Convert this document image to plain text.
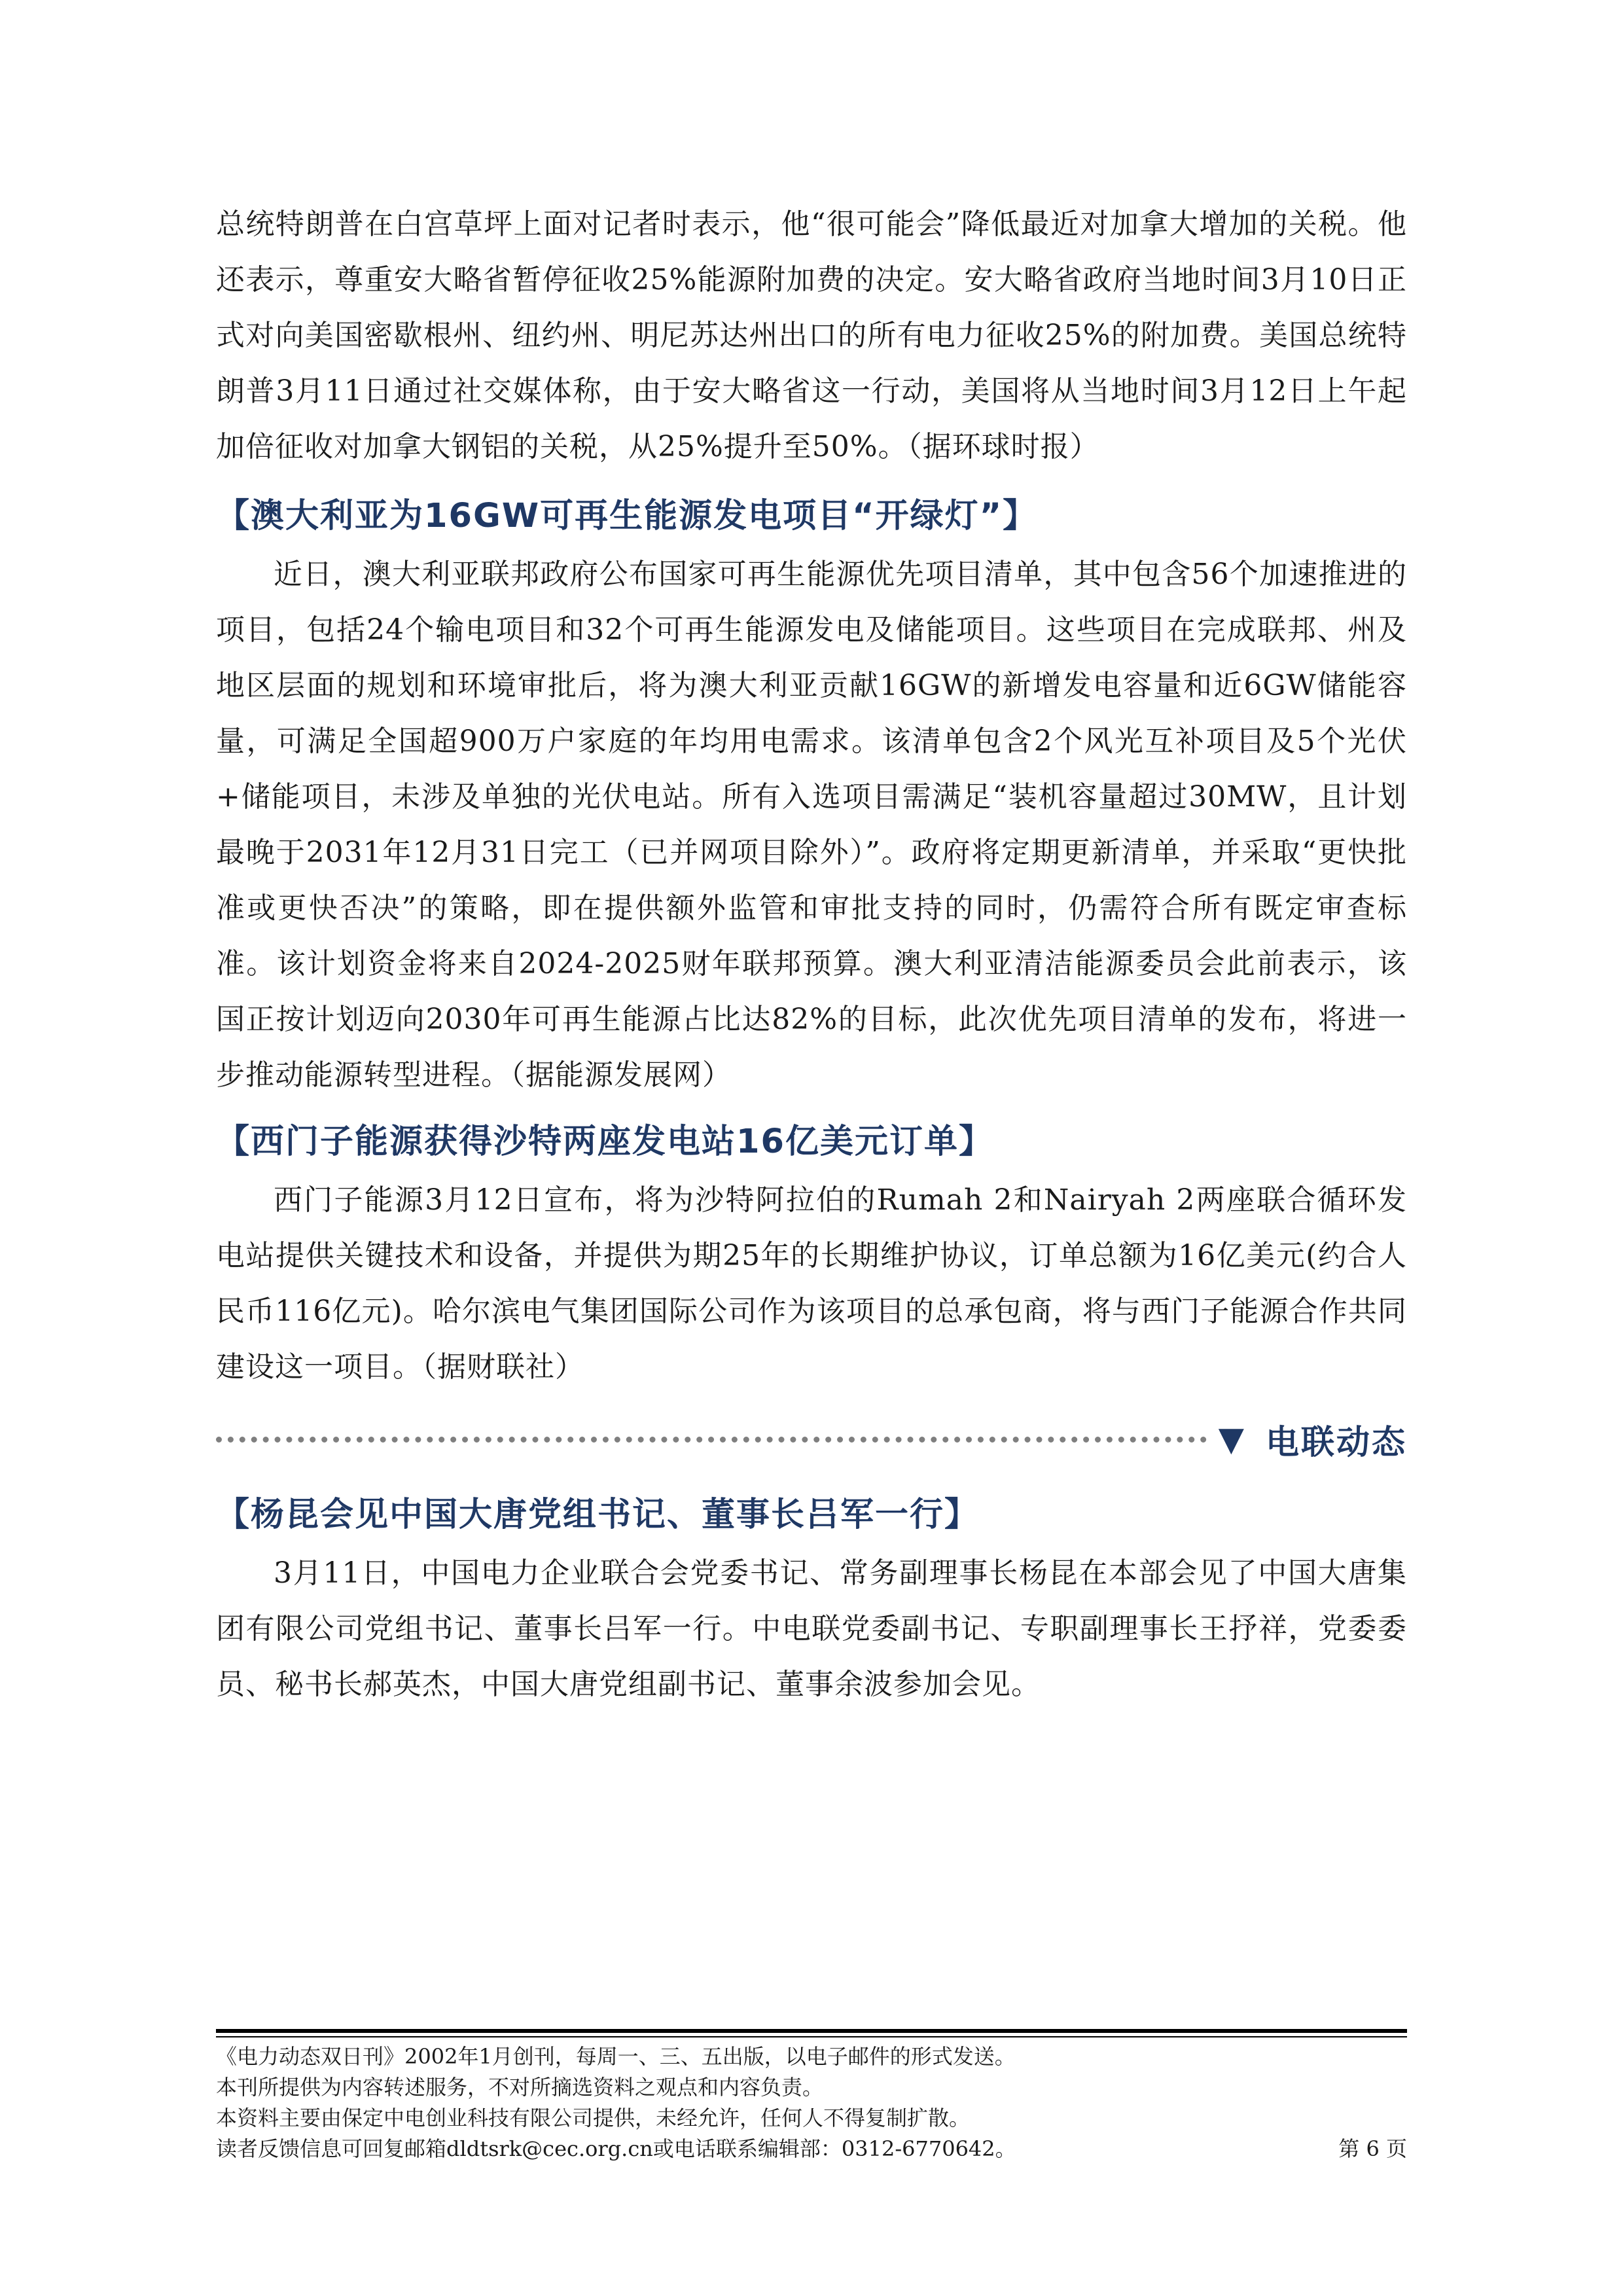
总统特朗普在白宫草坪上面对记者时表示，他“很可能会”降低最近对加拿大增加的关税。他还表示，尊重安大略省暂停征收25%能源附加费的决定。安大略省政府当地时间3月10日正式对向美国密歇根州、纽约州、明尼苏达州出口的所有电力征收25%的附加费。美国总统特朗普3月11日通过社交媒体称，由于安大略省这一行动，美国将从当地时间3月12日上午起加倍征收对加拿大钢铝的关税，从25%提升至50%。（据环球时报）

【澳大利亚为16GW可再生能源发电项目“开绿灯”】

近日，澳大利亚联邦政府公布国家可再生能源优先项目清单，其中包含56个加速推进的项目，包括24个输电项目和32个可再生能源发电及储能项目。这些项目在完成联邦、州及地区层面的规划和环境审批后，将为澳大利亚贡献16GW的新增发电容量和近6GW储能容量，可满足全国超900万户家庭的年均用电需求。该清单包含2个风光互补项目及5个光伏+储能项目，未涉及单独的光伏电站。所有入选项目需满足“装机容量超过30MW，且计划最晚于2031年12月31日完工（已并网项目除外）”。政府将定期更新清单，并采取“更快批准或更快否决”的策略，即在提供额外监管和审批支持的同时，仍需符合所有既定审查标准。该计划资金将来自2024-2025财年联邦预算。澳大利亚清洁能源委员会此前表示，该国正按计划迈向2030年可再生能源占比达82%的目标，此次优先项目清单的发布，将进一步推动能源转型进程。（据能源发展网）

【西门子能源获得沙特两座发电站16亿美元订单】

西门子能源3月12日宣布，将为沙特阿拉伯的Rumah 2和Nairyah 2两座联合循环发电站提供关键技术和设备，并提供为期25年的长期维护协议，订单总额为16亿美元(约合人民币116亿元)。哈尔滨电气集团国际公司作为该项目的总承包商，将与西门子能源合作共同建设这一项目。（据财联社）

▼ 电联动态
【杨昆会见中国大唐党组书记、董事长吕军一行】

3月11日，中国电力企业联合会党委书记、常务副理事长杨昆在本部会见了中国大唐集团有限公司党组书记、董事长吕军一行。中电联党委副书记、专职副理事长王抒祥，党委委员、秘书长郝英杰，中国大唐党组副书记、董事余波参加会见。

《电力动态双日刊》2002年1月创刊，每周一、三、五出版，以电子邮件的形式发送。
本刊所提供为内容转述服务，不对所摘选资料之观点和内容负责。
本资料主要由保定中电创业科技有限公司提供，未经允许，任何人不得复制扩散。
读者反馈信息可回复邮箱dldtsrk@cec.org.cn或电话联系编辑部：0312-6770642。	第 6 页
